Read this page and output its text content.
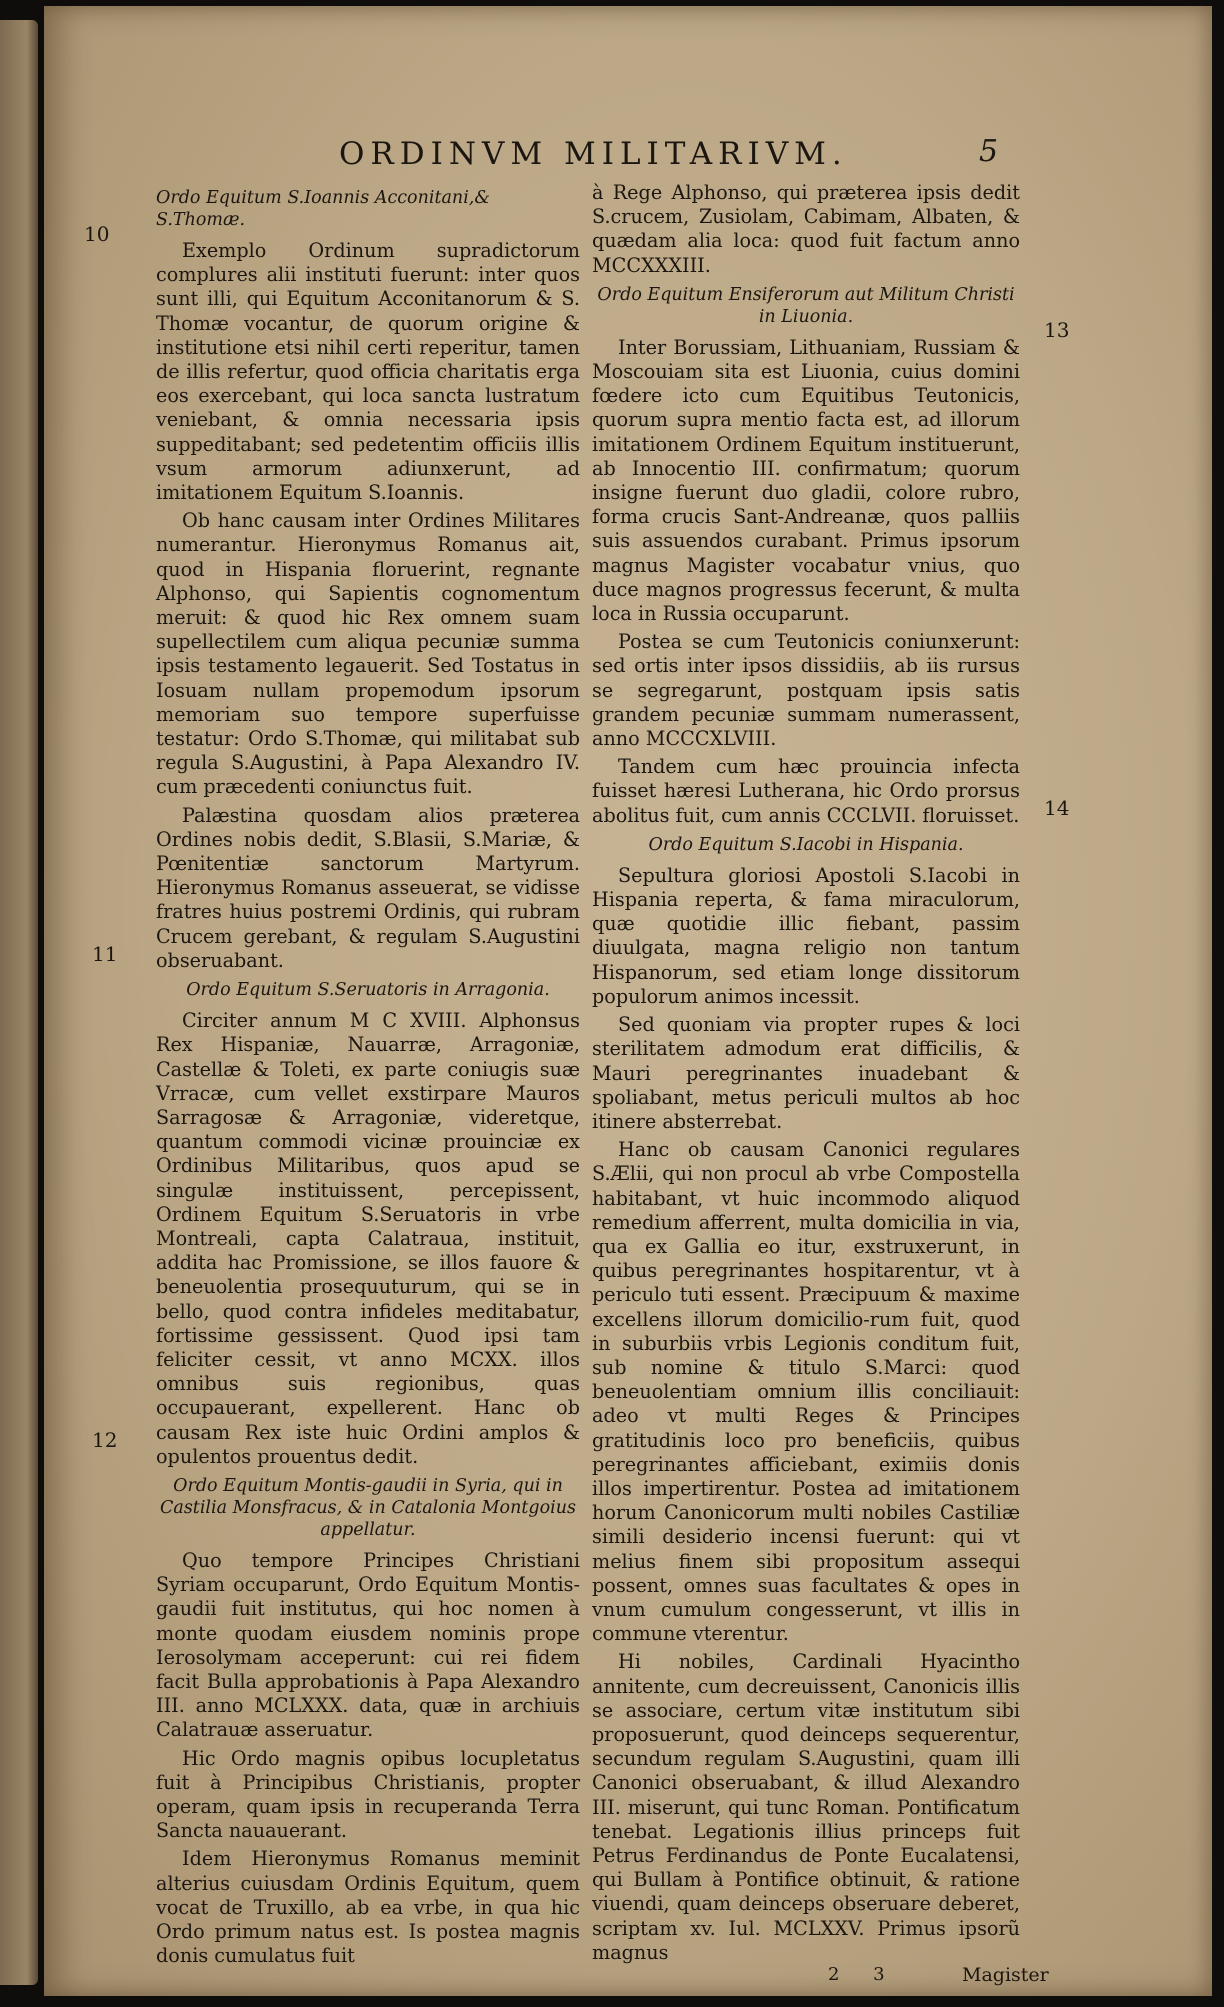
ORDINVM MILITARIVM.	5
10
11
12
13
14
Ordo Equitum S.Ioannis Acconitani,& S.Thomæ.

Exemplo Ordinum supradictorum complures alii instituti fuerunt: inter quos sunt illi, qui Equitum Acconitanorum & S. Thomæ vocantur, de quorum origine & institutione etsi nihil certi reperitur, tamen de illis refertur, quod officia charitatis erga eos exercebant, qui loca sancta lustratum veniebant, & omnia necessaria ipsis suppeditabant; sed pedetentim officiis illis vsum armorum adiunxerunt, ad imitationem Equitum S.Ioannis.

Ob hanc causam inter Ordines Militares numerantur. Hieronymus Romanus ait, quod in Hispania floruerint, regnante Alphonso, qui Sapientis cognomentum meruit: & quod hic Rex omnem suam supellectilem cum aliqua pecuniæ summa ipsis testamento legauerit. Sed Tostatus in Iosuam nullam propemodum ipsorum memoriam suo tempore superfuisse testatur: Ordo S.Thomæ, qui militabat sub regula S.Augustini, à Papa Alexandro IV. cum præcedenti coniunctus fuit.

Palæstina quosdam alios præterea Ordines nobis dedit, S.Blasii, S.Mariæ, & Pœnitentiæ sanctorum Martyrum. Hieronymus Romanus asseuerat, se vidisse fratres huius postremi Ordinis, qui rubram Crucem gerebant, & regulam S.Augustini obseruabant.

Ordo Equitum S.Seruatoris in Arragonia.

Circiter annum M C XVIII. Alphonsus Rex Hispaniæ, Nauarræ, Arragoniæ, Castellæ & Toleti, ex parte coniugis suæ Vrracæ, cum vellet exstirpare Mauros Sarragosæ & Arragoniæ, videretque, quantum commodi vicinæ prouinciæ ex Ordinibus Militaribus, quos apud se singulæ instituissent, percepissent, Ordinem Equitum S.Seruatoris in vrbe Montreali, capta Calatraua, instituit, addita hac Promissione, se illos fauore & beneuolentia prosequuturum, qui se in bello, quod contra infideles meditabatur, fortissime gessissent. Quod ipsi tam feliciter cessit, vt anno MCXX. illos omnibus suis regionibus, quas occupauerant, expellerent. Hanc ob causam Rex iste huic Ordini amplos & opulentos prouentus dedit.

Ordo Equitum Montis-gaudii in Syria, qui in Castilia Monsfracus, & in Catalonia Montgoius appellatur.

Quo tempore Principes Christiani Syriam occuparunt, Ordo Equitum Montis-gaudii fuit institutus, qui hoc nomen à monte quodam eiusdem nominis prope Ierosolymam acceperunt: cui rei fidem facit Bulla approbationis à Papa Alexandro III. anno MCLXXX. data, quæ in archiuis Calatrauæ asseruatur.

Hic Ordo magnis opibus locupletatus fuit à Principibus Christianis, propter operam, quam ipsis in recuperanda Terra Sancta nauauerant.

Idem Hieronymus Romanus meminit alterius cuiusdam Ordinis Equitum, quem vocat de Truxillo, ab ea vrbe, in qua hic Ordo primum natus est. Is postea magnis donis cumulatus fuit

à Rege Alphonso, qui præterea ipsis dedit S.crucem, Zusiolam, Cabimam, Albaten, & quædam alia loca: quod fuit factum anno MCCXXXIII.

Ordo Equitum Ensiferorum aut Militum Christi in Liuonia.

Inter Borussiam, Lithuaniam, Russiam & Moscouiam sita est Liuonia, cuius domini fœdere icto cum Equitibus Teutonicis, quorum supra mentio facta est, ad illorum imitationem Ordinem Equitum instituerunt, ab Innocentio III. confirmatum; quorum insigne fuerunt duo gladii, colore rubro, forma crucis Sant-Andreanæ, quos palliis suis assuendos curabant. Primus ipsorum magnus Magister vocabatur vnius, quo duce magnos progressus fecerunt, & multa loca in Russia occuparunt.

Postea se cum Teutonicis coniunxerunt: sed ortis inter ipsos dissidiis, ab iis rursus se segregarunt, postquam ipsis satis grandem pecuniæ summam numerassent, anno MCCCXLVIII.

Tandem cum hæc prouincia infecta fuisset hæresi Lutherana, hic Ordo prorsus abolitus fuit, cum annis CCCLVII. floruisset.

Ordo Equitum S.Iacobi in Hispania.

Sepultura gloriosi Apostoli S.Iacobi in Hispania reperta, & fama miraculorum, quæ quotidie illic fiebant, passim diuulgata, magna religio non tantum Hispanorum, sed etiam longe dissitorum populorum animos incessit.

Sed quoniam via propter rupes & loci sterilitatem admodum erat difficilis, & Mauri peregrinantes inuadebant & spoliabant, metus periculi multos ab hoc itinere absterrebat.

Hanc ob causam Canonici regulares S.Ælii, qui non procul ab vrbe Compostella habitabant, vt huic incommodo aliquod remedium afferrent, multa domicilia in via, qua ex Gallia eo itur, exstruxerunt, in quibus peregrinantes hospitarentur, vt à periculo tuti essent. Præcipuum & maxime excellens illorum domicilio-rum fuit, quod in suburbiis vrbis Legionis conditum fuit, sub nomine & titulo S.Marci: quod beneuolentiam omnium illis conciliauit: adeo vt multi Reges & Principes gratitudinis loco pro beneficiis, quibus peregrinantes afficiebant, eximiis donis illos impertirentur. Postea ad imitationem horum Canonicorum multi nobiles Castiliæ simili desiderio incensi fuerunt: qui vt melius finem sibi propositum assequi possent, omnes suas facultates & opes in vnum cumulum congesserunt, vt illis in commune vterentur.

Hi nobiles, Cardinali Hyacintho annitente, cum decreuissent, Canonicis illis se associare, certum vitæ institutum sibi proposuerunt, quod deinceps sequerentur, secundum regulam S.Augustini, quam illi Canonici obseruabant, & illud Alexandro III. miserunt, qui tunc Roman. Pontificatum tenebat. Legationis illius princeps fuit Petrus Ferdinandus de Ponte Eucalatensi, qui Bullam à Pontifice obtinuit, & ratione viuendi, quam deinceps obseruare deberet, scriptam xv. Iul. MCLXXV. Primus ipsorũ magnus

2 3	Magister
